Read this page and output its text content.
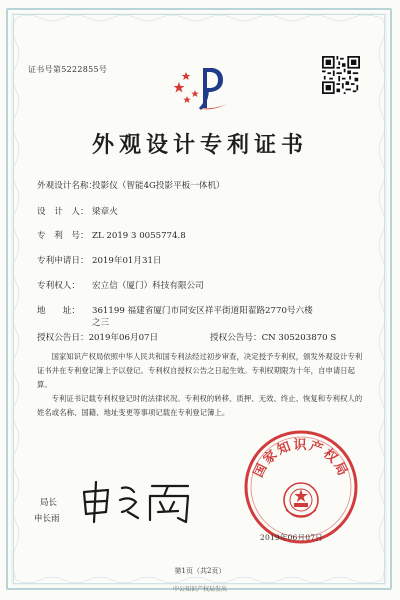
证书号第5222855号
外观设计专利证书
外观设计名称：
投影仪（智能4G投影平板一体机）
设　计　人： 梁章火
专　利　号： ZL 2019 3 0055774.8
专利申请日： 2019年01月31日
专利权人： 宏立信（厦门）科技有限公司
地　　址： 361199 福建省厦门市同安区祥平街道阳翟路2770号六楼
之三
授权公告日：2019年06月07日	授权公告号：CN 305203870 S

国家知识产权局依照中华人民共和国专利法经过初步审查，决定授予专利权，颁发外观设计专利证书并在专利登记簿上予以登记。专利权自授权公告之日起生效。专利权期限为十年，自申请日起算。

专利证书记载专利权登记时的法律状况。专利权的转移、质押、无效、终止、恢复和专利权人的姓名或名称、国籍、地址变更等事项记载在专利登记簿上。

局长
申长雨
国家知识产权局
2019年06月07日
第1页（共2页）
中公知识产权局发出
